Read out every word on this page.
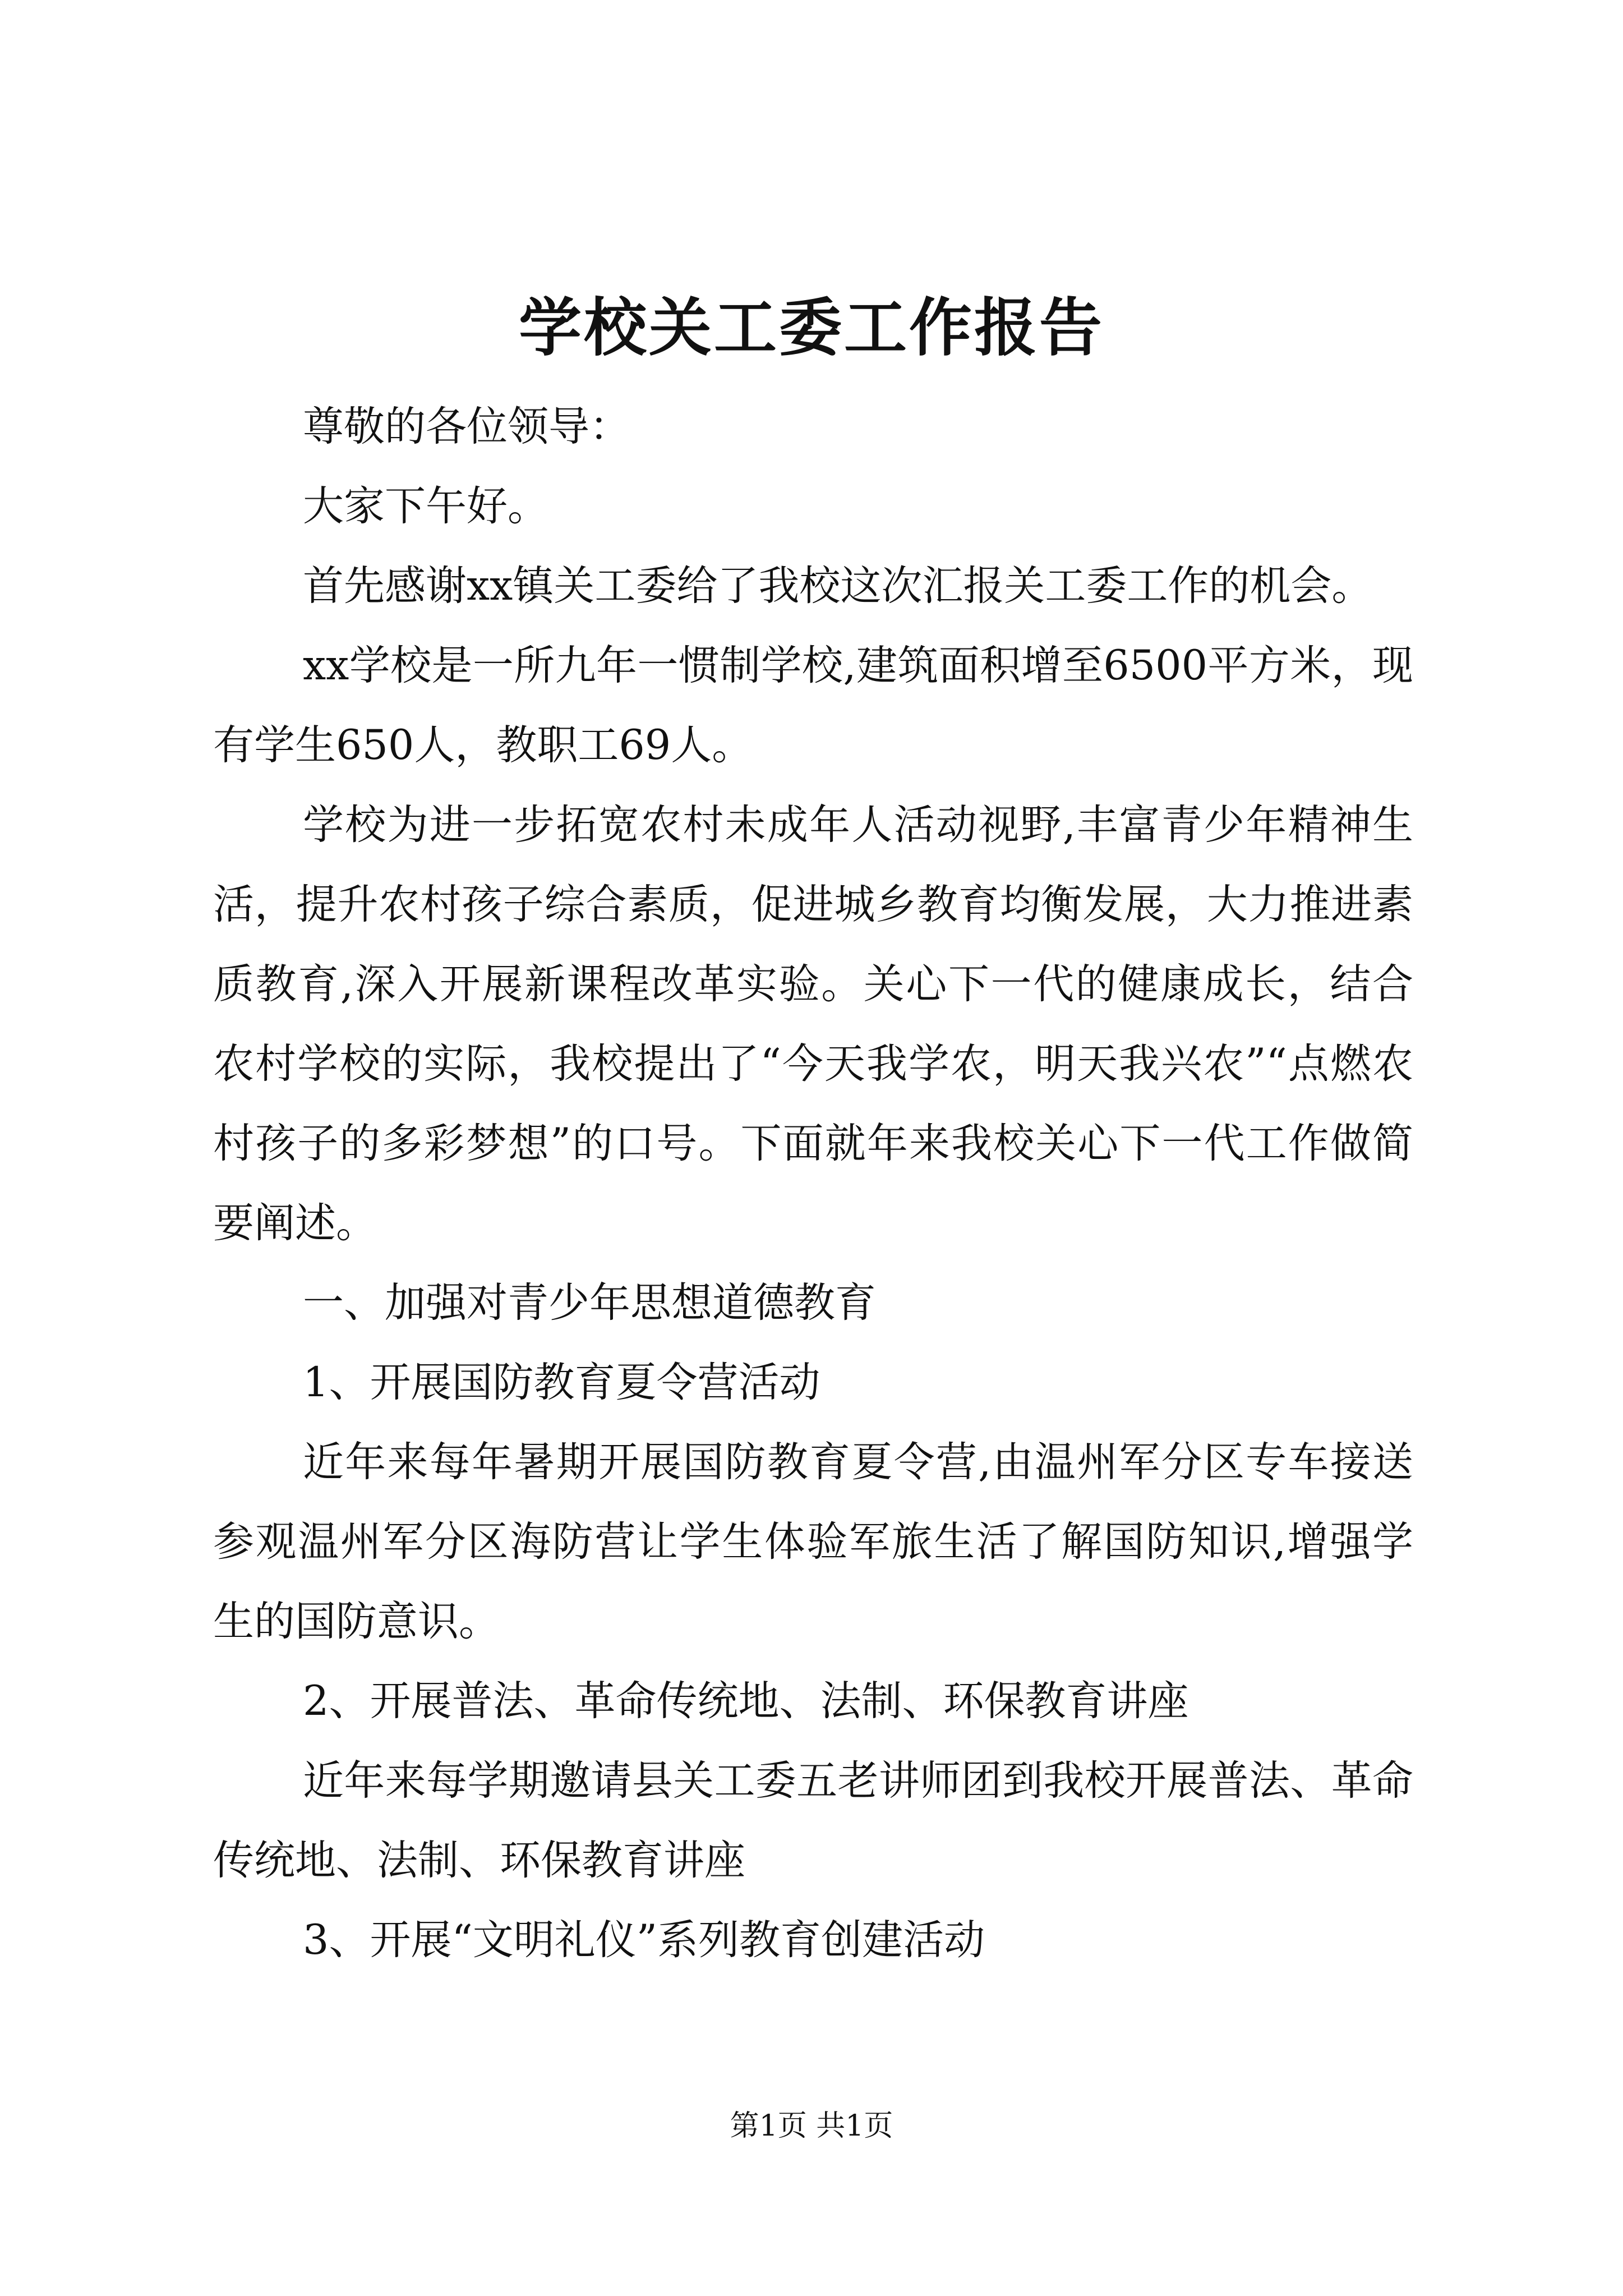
学校关工委工作报告

尊敬的各位领导：

大家下午好。

首先感谢xx镇关工委给了我校这次汇报关工委工作的机会。

xx学校是一所九年一惯制学校,建筑面积增至6500平方米，现有学生650人，教职工69人。

学校为进一步拓宽农村未成年人活动视野,丰富青少年精神生活，提升农村孩子综合素质，促进城乡教育均衡发展，大力推进素质教育,深入开展新课程改革实验。关心下一代的健康成长，结合农村学校的实际，我校提出了“今天我学农，明天我兴农”“点燃农村孩子的多彩梦想”的口号。下面就年来我校关心下一代工作做简要阐述。

一、加强对青少年思想道德教育

1、开展国防教育夏令营活动

近年来每年暑期开展国防教育夏令营,由温州军分区专车接送参观温州军分区海防营让学生体验军旅生活了解国防知识,增强学生的国防意识。

2、开展普法、革命传统地、法制、环保教育讲座

近年来每学期邀请县关工委五老讲师团到我校开展普法、革命传统地、法制、环保教育讲座

3、开展“文明礼仪”系列教育创建活动

第1页 共1页
